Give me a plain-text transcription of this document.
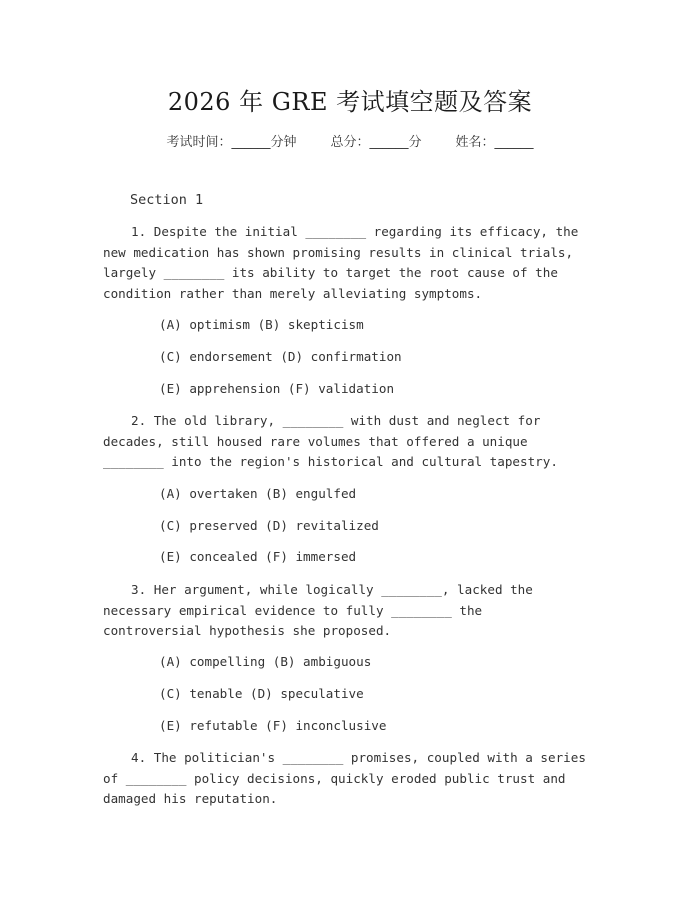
2026 年 GRE 考试填空题及答案
考试时间：______分钟	总分：______分	姓名：______
Section 1
1. Despite the initial ________ regarding its efficacy, the new medication has shown promising results in clinical trials, largely ________ its ability to target the root cause of the condition rather than merely alleviating symptoms.
(A) optimism (B) skepticism
(C) endorsement (D) confirmation
(E) apprehension (F) validation
2. The old library, ________ with dust and neglect for decades, still housed rare volumes that offered a unique ________ into the region's historical and cultural tapestry.
(A) overtaken (B) engulfed
(C) preserved (D) revitalized
(E) concealed (F) immersed
3. Her argument, while logically ________, lacked the necessary empirical evidence to fully ________ the controversial hypothesis she proposed.
(A) compelling (B) ambiguous
(C) tenable (D) speculative
(E) refutable (F) inconclusive
4. The politician's ________ promises, coupled with a series of ________ policy decisions, quickly eroded public trust and damaged his reputation.
